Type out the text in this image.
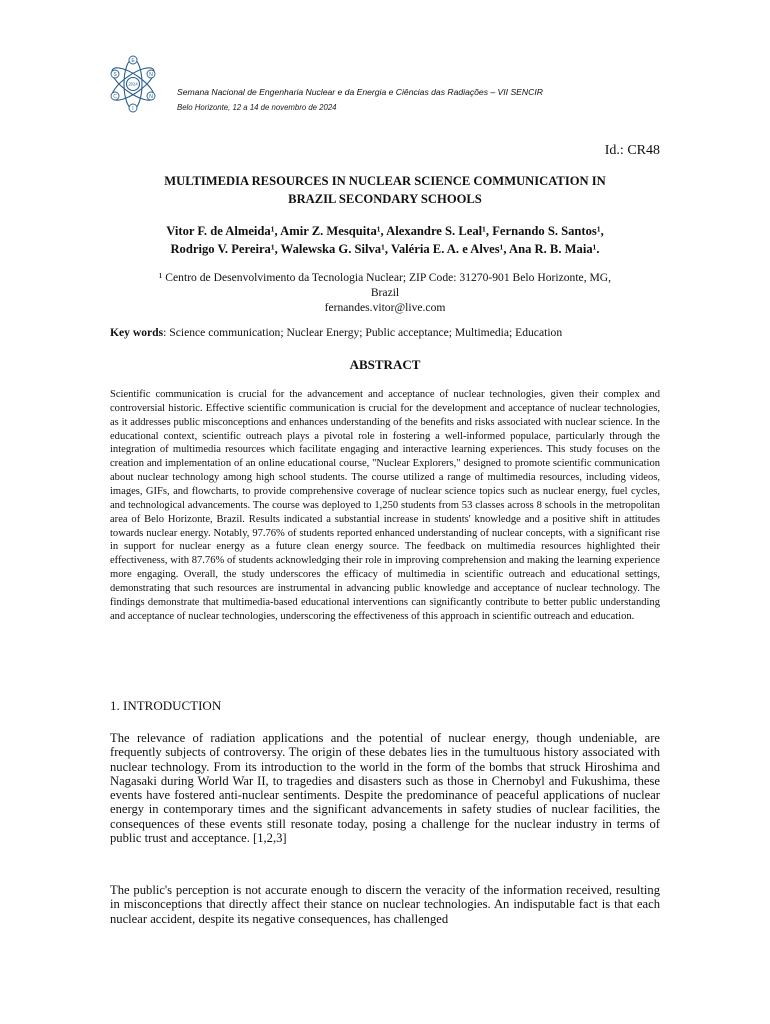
E
N
N
I
C
S
2024
Semana Nacional de Engenharia Nuclear e da Energia e Ciências das Radiações – VII SENCIR
Belo Horizonte, 12 a 14 de novembro de 2024
Id.: CR48
MULTIMEDIA RESOURCES IN NUCLEAR SCIENCE COMMUNICATION IN
BRAZIL SECONDARY SCHOOLS
Vitor F. de Almeida¹, Amir Z. Mesquita¹, Alexandre S. Leal¹, Fernando S. Santos¹,
Rodrigo V. Pereira¹, Walewska G. Silva¹, Valéria E. A. e Alves¹, Ana R. B. Maia¹.
¹ Centro de Desenvolvimento da Tecnologia Nuclear; ZIP Code: 31270-901 Belo Horizonte, MG,
Brazil
fernandes.vitor@live.com
Key words: Science communication; Nuclear Energy; Public acceptance; Multimedia; Education
ABSTRACT

Scientific communication is crucial for the advancement and acceptance of nuclear technologies, given their complex and controversial historic. Effective scientific communication is crucial for the development and acceptance of nuclear technologies, as it addresses public misconceptions and enhances understanding of the benefits and risks associated with nuclear science. In the educational context, scientific outreach plays a pivotal role in fostering a well-informed populace, particularly through the integration of multimedia resources which facilitate engaging and interactive learning experiences. This study focuses on the creation and implementation of an online educational course, "Nuclear Explorers," designed to promote scientific communication about nuclear technology among high school students. The course utilized a range of multimedia resources, including videos, images, GIFs, and flowcharts, to provide comprehensive coverage of nuclear science topics such as nuclear energy, fuel cycles, and technological advancements. The course was deployed to 1,250 students from 53 classes across 8 schools in the metropolitan area of Belo Horizonte, Brazil. Results indicated a substantial increase in students' knowledge and a positive shift in attitudes towards nuclear energy. Notably, 97.76% of students reported enhanced understanding of nuclear concepts, with a significant rise in support for nuclear energy as a future clean energy source. The feedback on multimedia resources highlighted their effectiveness, with 87.76% of students acknowledging their role in improving comprehension and making the learning experience more engaging. Overall, the study underscores the efficacy of multimedia in scientific outreach and educational settings, demonstrating that such resources are instrumental in advancing public knowledge and acceptance of nuclear technology. The findings demonstrate that multimedia-based educational interventions can significantly contribute to better public understanding and acceptance of nuclear technologies, underscoring the effectiveness of this approach in scientific outreach and education.

1. INTRODUCTION

The relevance of radiation applications and the potential of nuclear energy, though undeniable, are frequently subjects of controversy. The origin of these debates lies in the tumultuous history associated with nuclear technology. From its introduction to the world in the form of the bombs that struck Hiroshima and Nagasaki during World War II, to tragedies and disasters such as those in Chernobyl and Fukushima, these events have fostered anti-nuclear sentiments. Despite the predominance of peaceful applications of nuclear energy in contemporary times and the significant advancements in safety studies of nuclear facilities, the consequences of these events still resonate today, posing a challenge for the nuclear industry in terms of public trust and acceptance. [1,2,3]

The public's perception is not accurate enough to discern the veracity of the information received, resulting in misconceptions that directly affect their stance on nuclear technologies. An indisputable fact is that each nuclear accident, despite its negative consequences, has challenged
